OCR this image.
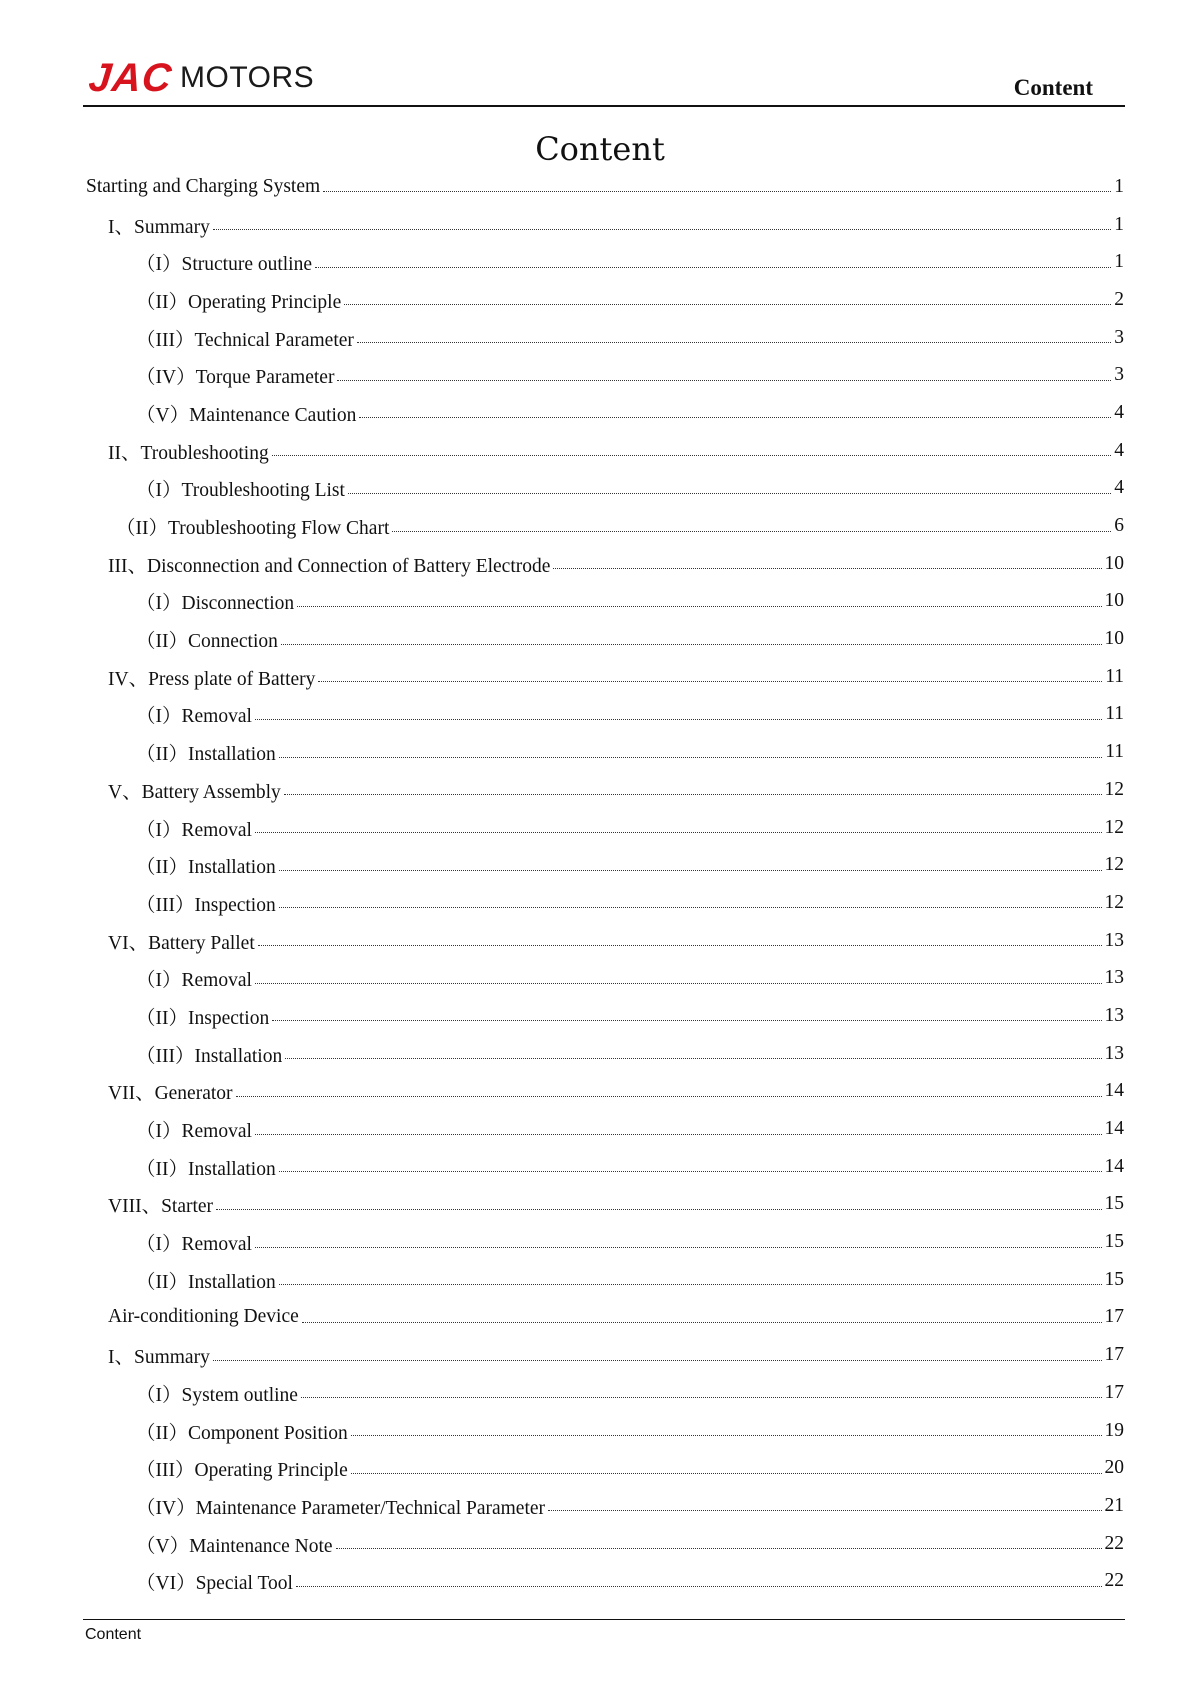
JAC MOTORS	Content
Content
Starting and Charging System	1
I、Summary	1
（I）Structure outline	1
（II）Operating Principle	2
（III）Technical Parameter	3
（IV）Torque Parameter	3
（V）Maintenance Caution	4
II、Troubleshooting	4
（I）Troubleshooting List	4
（II）Troubleshooting Flow Chart	6
III、Disconnection and Connection of Battery Electrode	10
（I）Disconnection	10
（II）Connection	10
IV、Press plate of Battery	11
（I）Removal	11
（II）Installation	11
V、Battery Assembly	12
（I）Removal	12
（II）Installation	12
（III）Inspection	12
VI、Battery Pallet	13
（I）Removal	13
（II）Inspection	13
（III）Installation	13
VII、Generator	14
（I）Removal	14
（II）Installation	14
VIII、Starter	15
（I）Removal	15
（II）Installation	15
Air-conditioning Device	17
I、Summary	17
（I）System outline	17
（II）Component Position	19
（III）Operating Principle	20
（IV）Maintenance Parameter/Technical Parameter	21
（V）Maintenance Note	22
（VI）Special Tool	22
Content
